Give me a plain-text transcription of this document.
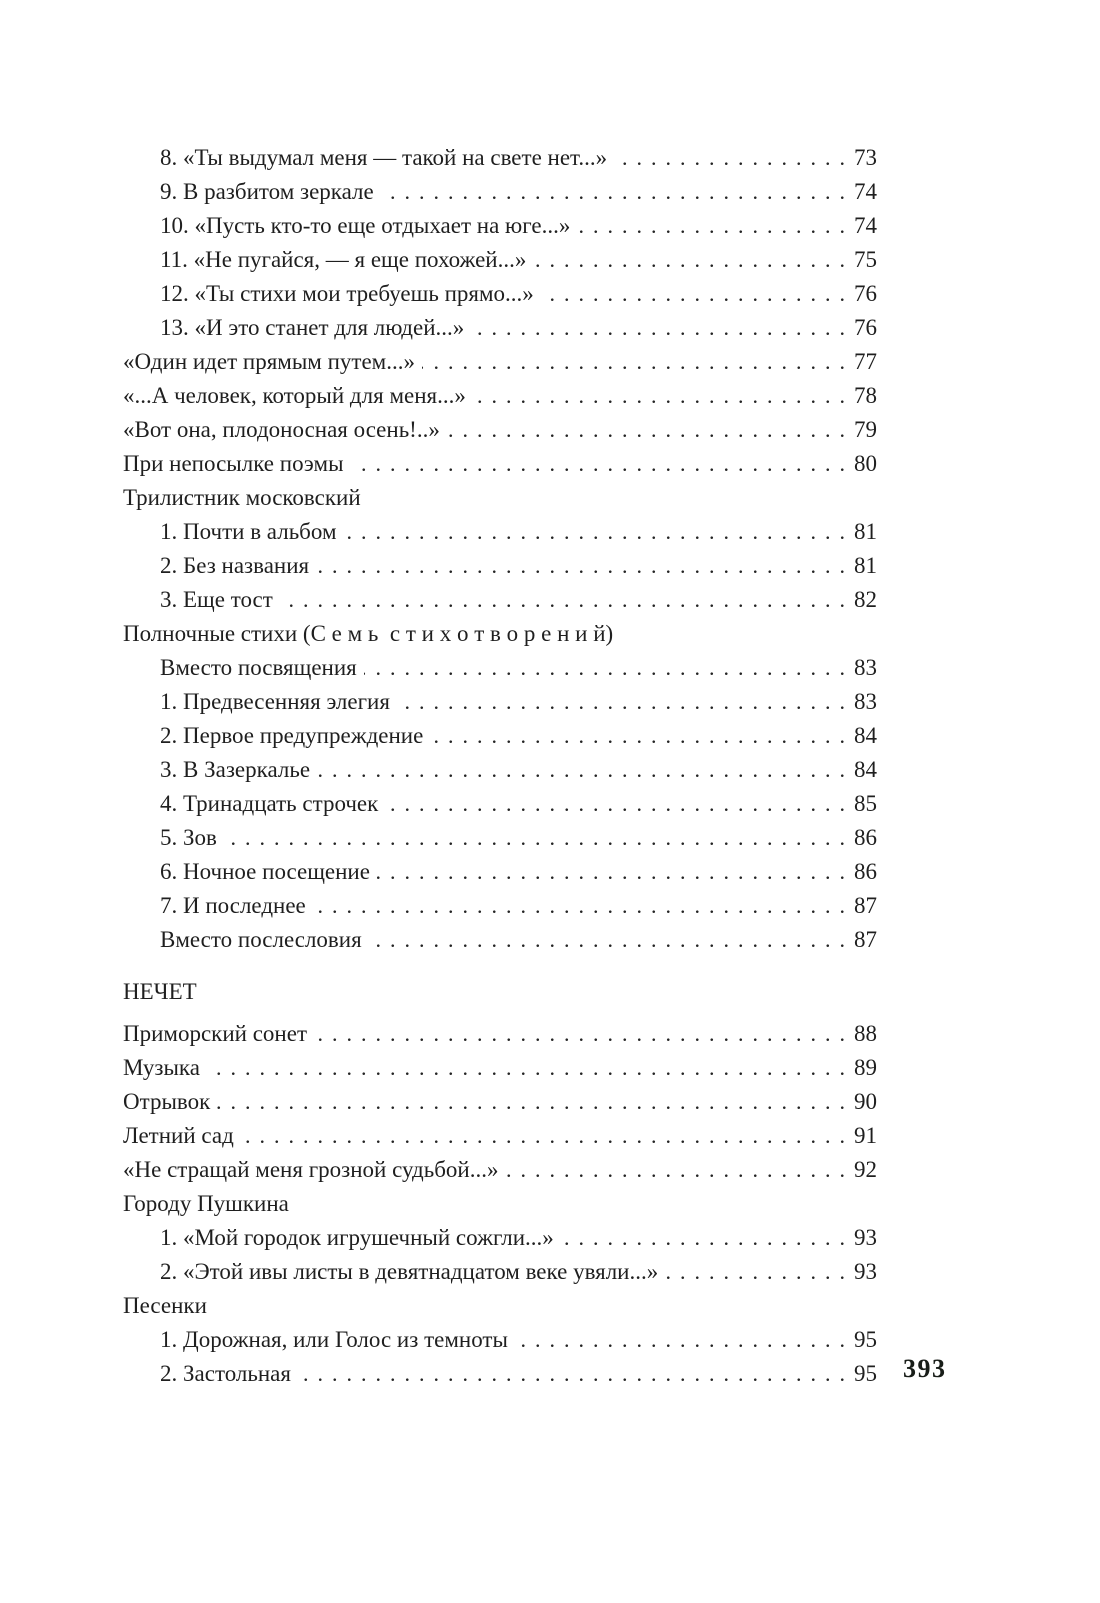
8. «Ты выдумал меня — такой на свете нет...» .....	73
9. В разбитом зеркале .....	74
10. «Пусть кто-то еще отдыхает на юге...» .....	74
11. «Не пугайся, — я еще похожей...» .....	75
12. «Ты стихи мои требуешь прямо...» .....	76
13. «И это станет для людей...» .....	76
«Один идет прямым путем...» .....	77
«...А человек, который для меня...» .....	78
«Вот она, плодоносная осень!..» .....	79
При непосылке поэмы .....	80
Трилистник московский
1. Почти в альбом .....	81
2. Без названия .....	81
3. Еще тост .....	82
Полночные стихи (С е м ь  с т и х о т в о р е н и й)
Вместо посвящения .....	83
1. Предвесенняя элегия .....	83
2. Первое предупреждение .....	84
3. В Зазеркалье .....	84
4. Тринадцать строчек .....	85
5. Зов .....	86
6. Ночное посещение .....	86
7. И последнее .....	87
Вместо послесловия .....	87
НЕЧЕТ
Приморский сонет .....	88
Музыка .....	89
Отрывок .....	90
Летний сад .....	91
«Не стращай меня грозной судьбой...» .....	92
Городу Пушкина
1. «Мой городок игрушечный сожгли...» .....	93
2. «Этой ивы листы в девятнадцатом веке увяли...» .....	93
Песенки
1. Дорожная, или Голос из темноты .....	95
2. Застольная .....	95 393
